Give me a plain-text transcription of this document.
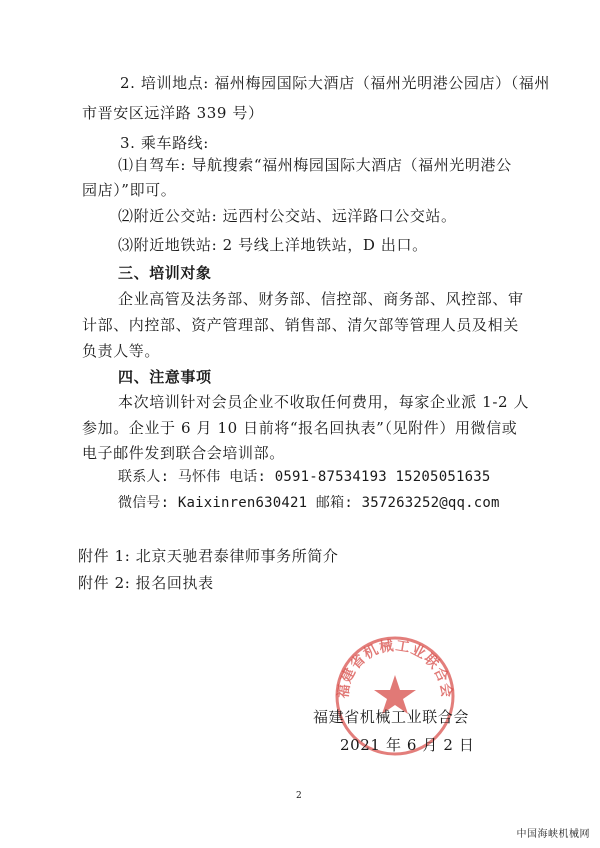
2. 培训地点: 福州梅园国际大酒店（福州光明港公园店）（福州
市晋安区远洋路 339 号）
3. 乘车路线:
⑴自驾车: 导航搜索“福州梅园国际大酒店（福州光明港公
园店）”即可。
⑵附近公交站: 远西村公交站、远洋路口公交站。
⑶附近地铁站: 2 号线上洋地铁站，D 出口。
三、培训对象
企业高管及法务部、财务部、信控部、商务部、风控部、审
计部、内控部、资产管理部、销售部、清欠部等管理人员及相关
负责人等。
四、注意事项
本次培训针对会员企业不收取任何费用，每家企业派 1-2 人
参加。企业于 6 月 10 日前将“报名回执表”（见附件）用微信或
电子邮件发到联合会培训部。
联系人: 马怀伟 电话: 0591-87534193 15205051635
微信号: Kaixinren630421 邮箱: 357263252@qq.com
附件 1: 北京天驰君泰律师事务所简介
附件 2: 报名回执表
福建省机械工业联合会
福建省机械工业联合会
2021 年 6 月 2 日
2
中国海峡机械网
